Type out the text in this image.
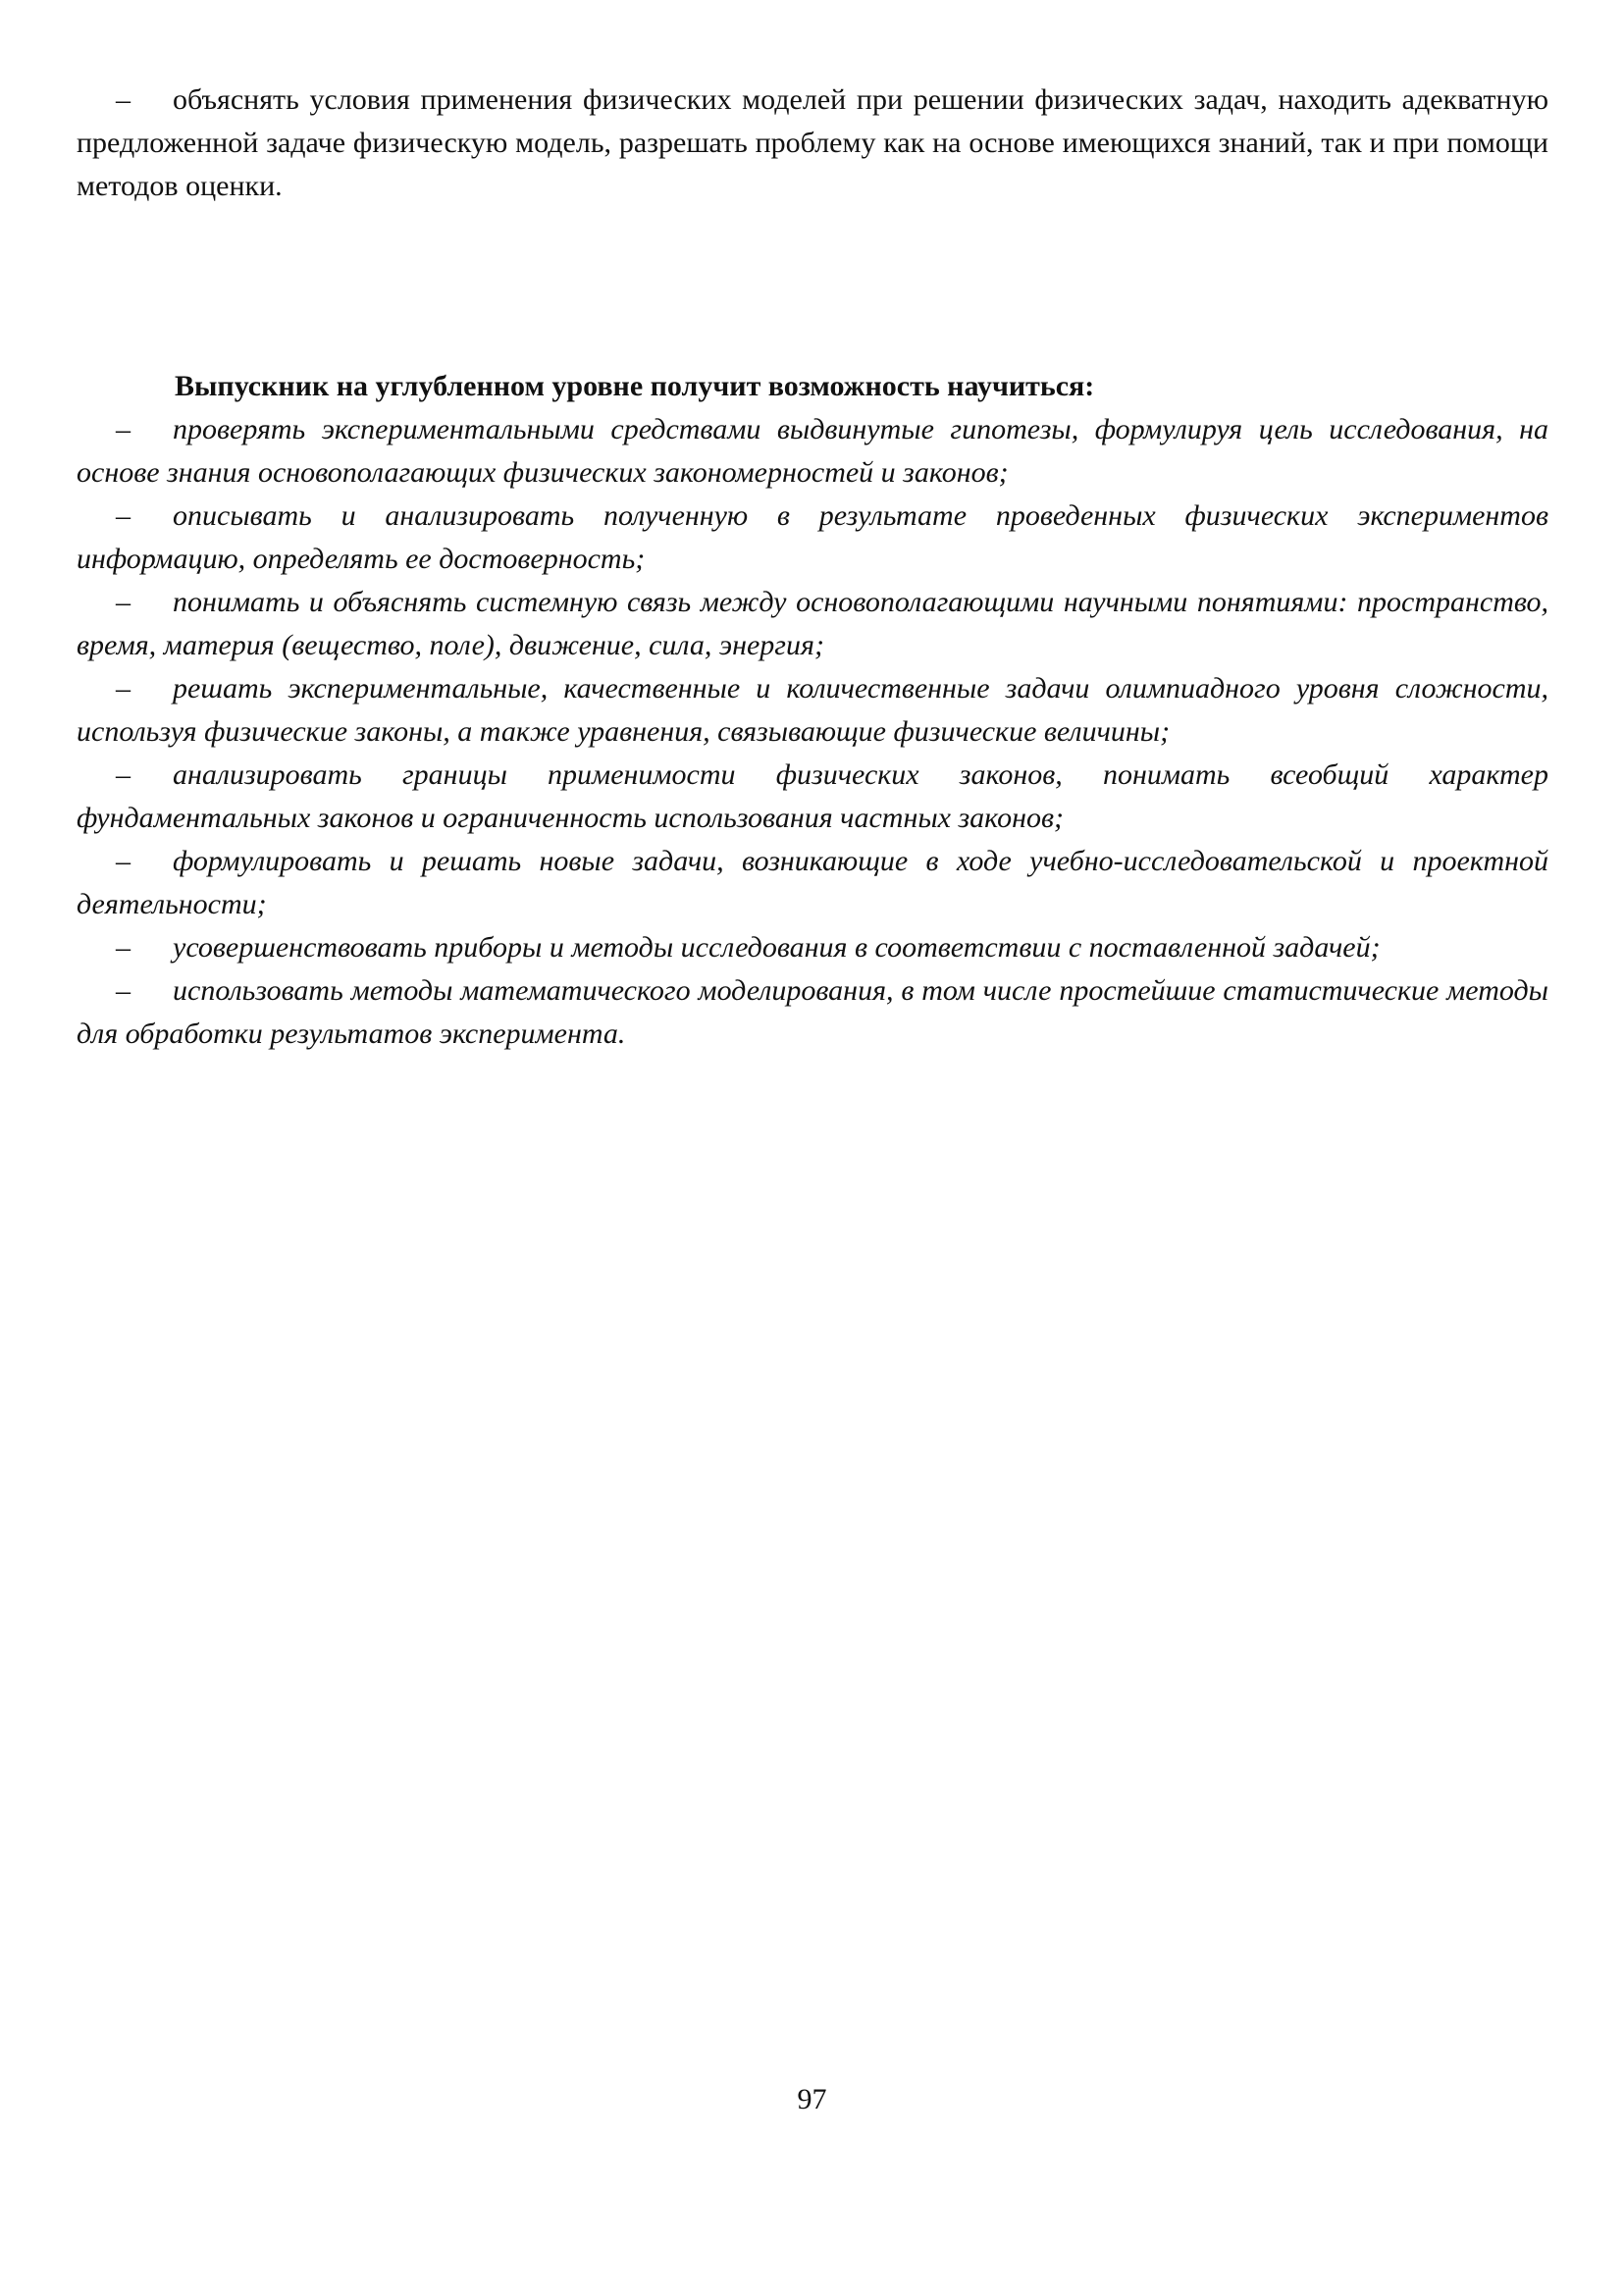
– объяснять условия применения физических моделей при решении физических задач, находить адекватную предложенной задаче физическую модель, разрешать проблему как на основе имеющихся знаний, так и при помощи методов оценки.

Выпускник на углубленном уровне получит возможность научиться:

– проверять экспериментальными средствами выдвинутые гипотезы, формулируя цель исследования, на основе знания основополагающих физических закономерностей и законов;

– описывать и анализировать полученную в результате проведенных физических экспериментов информацию, определять ее достоверность;

– понимать и объяснять системную связь между основополагающими научными понятиями: пространство, время, материя (вещество, поле), движение, сила, энергия;

– решать экспериментальные, качественные и количественные задачи олимпиадного уровня сложности, используя физические законы, а также уравнения, связывающие физические величины;

– анализировать границы применимости физических законов, понимать всеобщий характер фундаментальных законов и ограниченность использования частных законов;

– формулировать и решать новые задачи, возникающие в ходе учебно-исследовательской и проектной деятельности;

– усовершенствовать приборы и методы исследования в соответствии с поставленной задачей;

– использовать методы математического моделирования, в том числе простейшие статистические методы для обработки результатов эксперимента.

97
